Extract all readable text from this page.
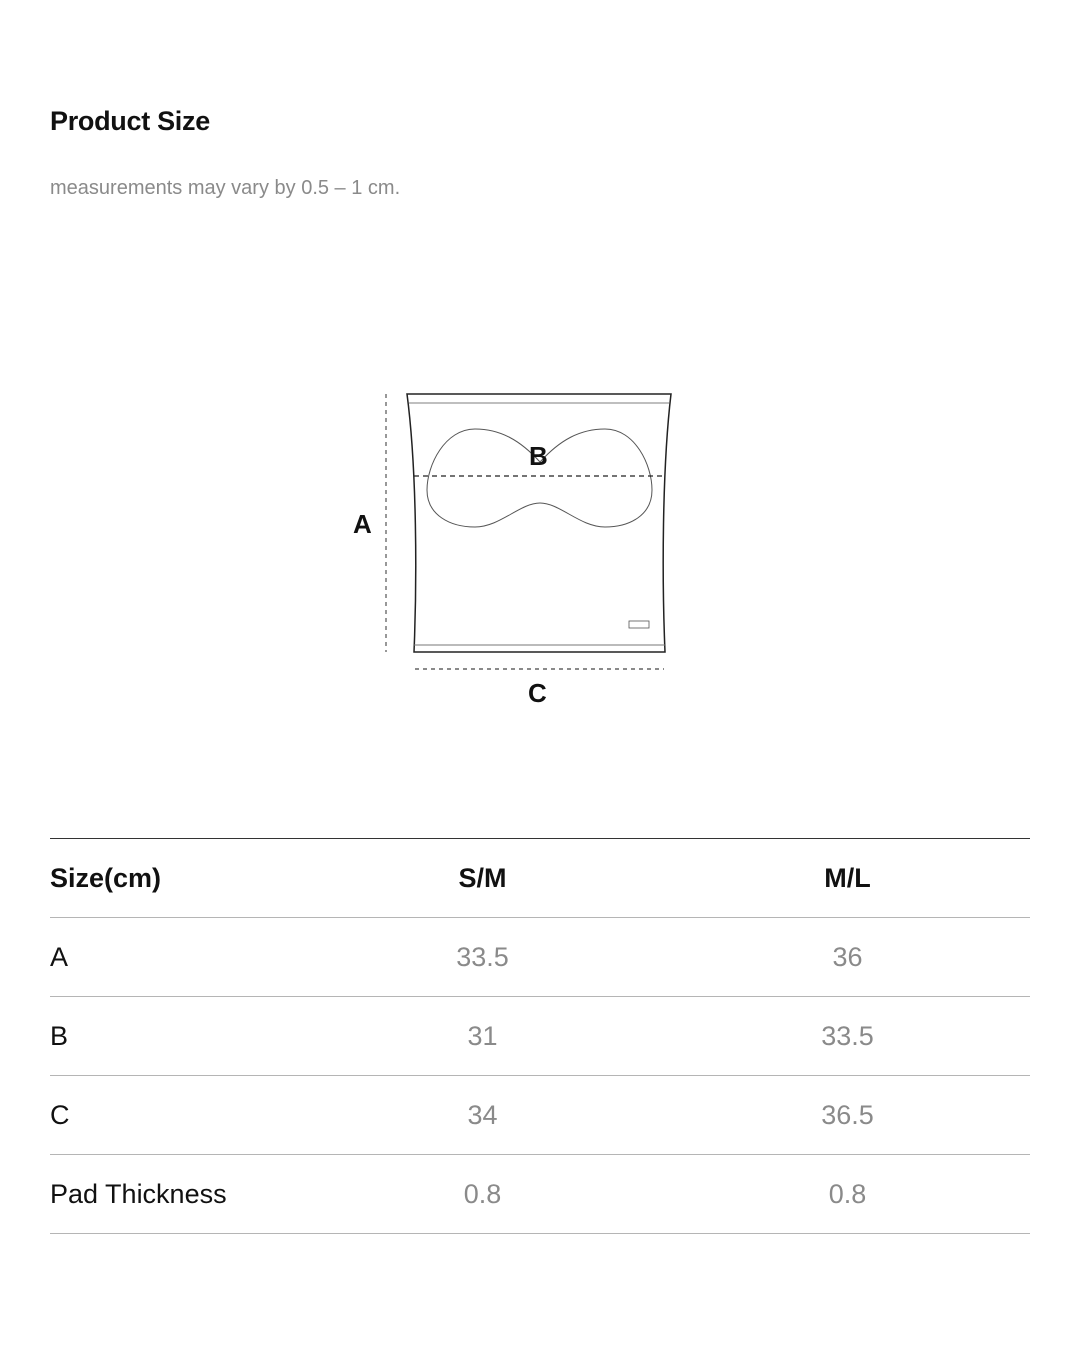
Product Size
measurements may vary by 0.5 – 1 cm.
A
B
C
Size(cm)	S/M	M/L
A	33.5	36
B	31	33.5
C	34	36.5
Pad Thickness	0.8	0.8
